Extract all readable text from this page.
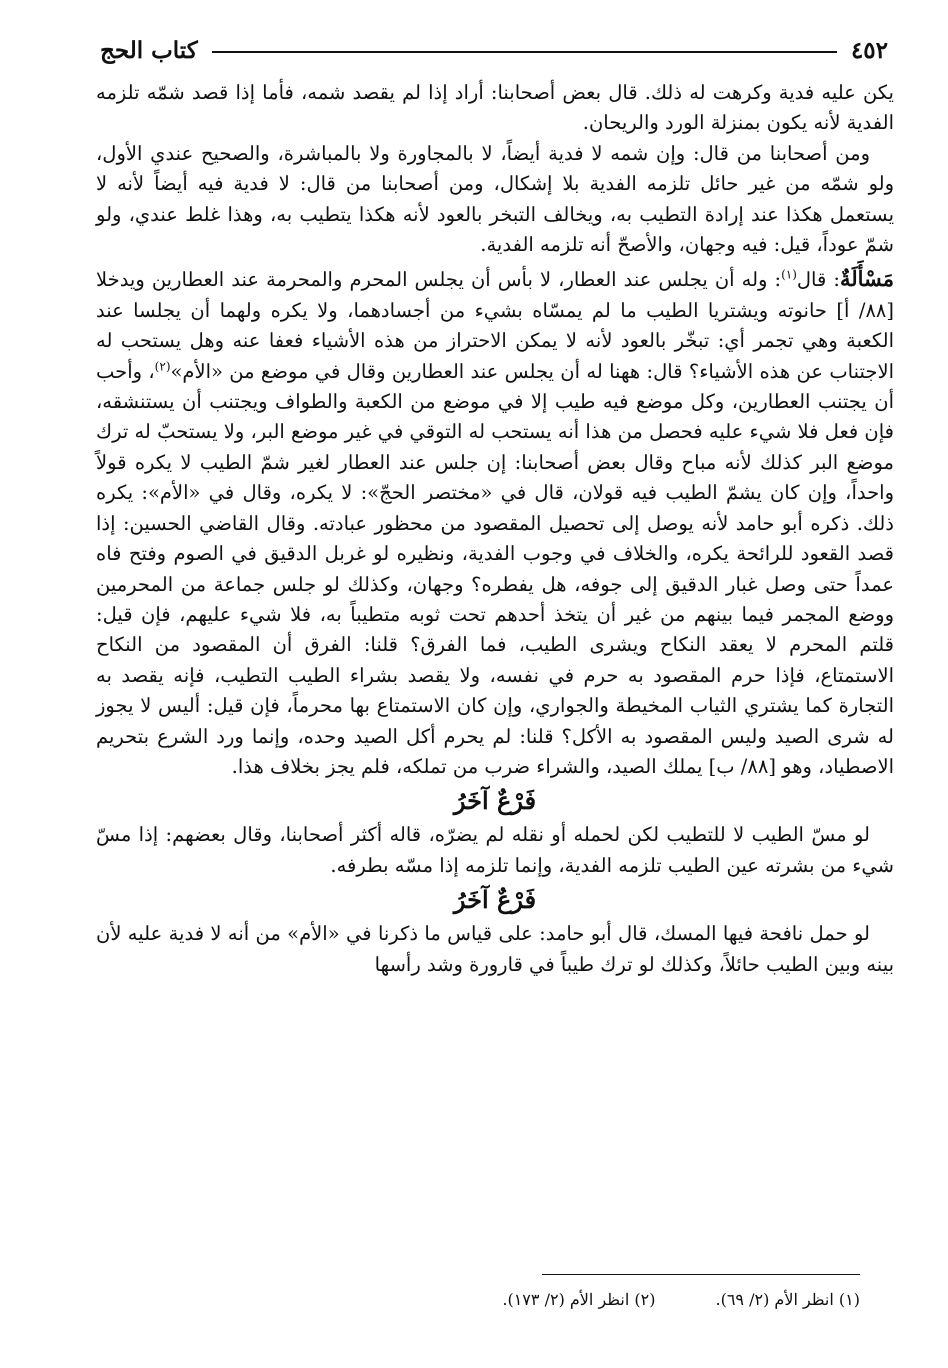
٤٥٢
كتاب الحج

يكن عليه فدية وكرهت له ذلك. قال بعض أصحابنا: أراد إذا لم يقصد شمه، فأما إذا قصد شمّه تلزمه الفدية لأنه يكون بمنزلة الورد والريحان.

ومن أصحابنا من قال: وإن شمه لا فدية أيضاً، لا بالمجاورة ولا بالمباشرة، والصحيح عندي الأول، ولو شمّه من غير حائل تلزمه الفدية بلا إشكال، ومن أصحابنا من قال: لا فدية فيه أيضاً لأنه لا يستعمل هكذا عند إرادة التطيب به، ويخالف التبخر بالعود لأنه هكذا يتطيب به، وهذا غلط عندي، ولو شمّ عوداً، قيل: فيه وجهان، والأصحّ أنه تلزمه الفدية.

مَسْأَلَةٌ: قال$^{(١)}$: وله أن يجلس عند العطار، لا بأس أن يجلس المحرم والمحرمة عند العطارين ويدخلا [٨٨/ أ] حانوته ويشتريا الطيب ما لم يمسّاه بشيء من أجسادهما، ولا يكره ولهما أن يجلسا عند الكعبة وهي تجمر أي: تبخّر بالعود لأنه لا يمكن الاحتراز من هذه الأشياء فعفا عنه وهل يستحب له الاجتناب عن هذه الأشياء؟ قال: ههنا له أن يجلس عند العطارين وقال في موضع من «الأم»$^{(٢)}$، وأحب أن يجتنب العطارين، وكل موضع فيه طيب إلا في موضع من الكعبة والطواف ويجتنب أن يستنشقه، فإن فعل فلا شيء عليه فحصل من هذا أنه يستحب له التوقي في غير موضع البر، ولا يستحبّ له ترك موضع البر كذلك لأنه مباح وقال بعض أصحابنا: إن جلس عند العطار لغير شمّ الطيب لا يكره قولاً واحداً، وإن كان يشمّ الطيب فيه قولان، قال في «مختصر الحجّ»: لا يكره، وقال في «الأم»: يكره ذلك. ذكره أبو حامد لأنه يوصل إلى تحصيل المقصود من محظور عبادته. وقال القاضي الحسين: إذا قصد القعود للرائحة يكره، والخلاف في وجوب الفدية، ونظيره لو غربل الدقيق في الصوم وفتح فاه عمداً حتى وصل غبار الدقيق إلى جوفه، هل يفطره؟ وجهان، وكذلك لو جلس جماعة من المحرمين ووضع المجمر فيما بينهم من غير أن يتخذ أحدهم تحت ثوبه متطيباً به، فلا شيء عليهم، فإن قيل: قلتم المحرم لا يعقد النكاح ويشرى الطيب، فما الفرق؟ قلنا: الفرق أن المقصود من النكاح الاستمتاع، فإذا حرم المقصود به حرم في نفسه، ولا يقصد بشراء الطيب التطيب، فإنه يقصد به التجارة كما يشتري الثياب المخيطة والجواري، وإن كان الاستمتاع بها محرماً، فإن قيل: أليس لا يجوز له شرى الصيد وليس المقصود به الأكل؟ قلنا: لم يحرم أكل الصيد وحده، وإنما ورد الشرع بتحريم الاصطياد، وهو [٨٨/ ب] يملك الصيد، والشراء ضرب من تملكه، فلم يجز بخلاف هذا.

فَرْعٌ آخَرُ

لو مسّ الطيب لا للتطيب لكن لحمله أو نقله لم يضرّه، قاله أكثر أصحابنا، وقال بعضهم: إذا مسّ شيء من بشرته عين الطيب تلزمه الفدية، وإنما تلزمه إذا مسّه بطرفه.

فَرْعٌ آخَرُ

لو حمل نافحة فيها المسك، قال أبو حامد: على قياس ما ذكرنا في «الأم» من أنه لا فدية عليه لأن بينه وبين الطيب حائلاً، وكذلك لو ترك طيباً في قارورة وشد رأسها

(١) انظر الأم (٢/ ٦٩).
(٢) انظر الأم (٢/ ١٧٣).
